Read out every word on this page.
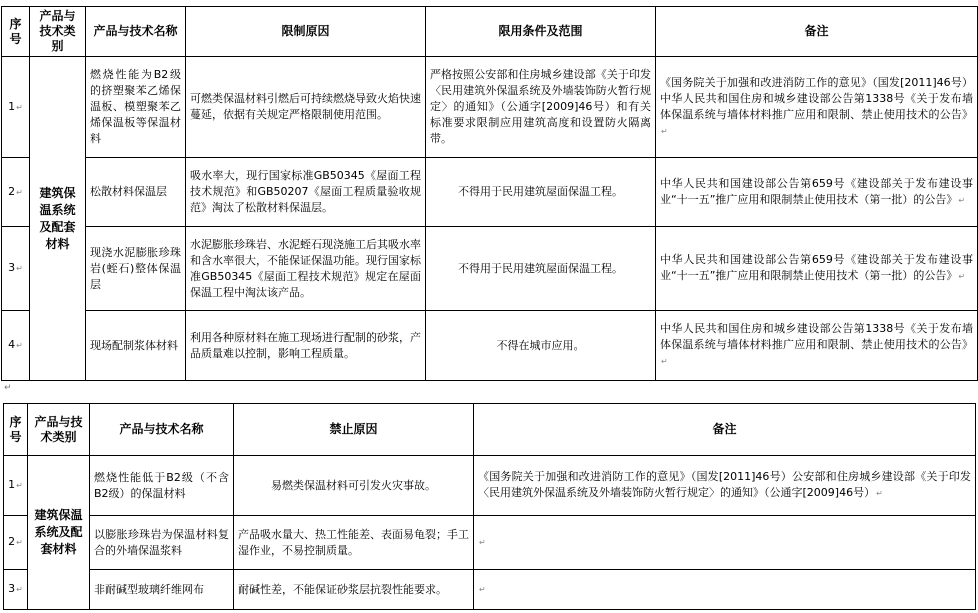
序号	产品与技术类别	产品与技术名称	限制原因	限用条件及范围	备注
1↵	建筑保温系统及配套材料	燃烧性能为B2级的挤塑聚苯乙烯保温板、模塑聚苯乙烯保温板等保温材料	可燃类保温材料引燃后可持续燃烧导致火焰快速蔓延，依据有关规定严格限制使用范围。	严格按照公安部和住房城乡建设部《关于印发〈民用建筑外保温系统及外墙装饰防火暂行规定〉的通知》（公通字[2009]46号）和有关标准要求限制应用建筑高度和设置防火隔离带。	《国务院关于加强和改进消防工作的意见》（国发[2011]46号）中华人民共和国住房和城乡建设部公告第1338号《关于发布墙体保温系统与墙体材料推广应用和限制、禁止使用技术的公告》↵
2↵		松散材料保温层	吸水率大，现行国家标准GB50345《屋面工程技术规范》和GB50207《屋面工程质量验收规范》淘汰了松散材料保温层。	不得用于民用建筑屋面保温工程。	中华人民共和国建设部公告第659号《建设部关于发布建设事业“十一五”推广应用和限制禁止使用技术（第一批）的公告》↵
3↵		现浇水泥膨胀珍珠岩(蛭石)整体保温层	水泥膨胀珍珠岩、水泥蛭石现浇施工后其吸水率和含水率很大，不能保证保温功能。现行国家标准GB50345《屋面工程技术规范》规定在屋面保温工程中淘汰该产品。	不得用于民用建筑屋面保温工程。	中华人民共和国建设部公告第659号《建设部关于发布建设事业“十一五”推广应用和限制禁止使用技术（第一批）的公告》↵
4↵		现场配制浆体材料	利用各种原材料在施工现场进行配制的砂浆，产品质量难以控制，影响工程质量。	不得在城市应用。	中华人民共和国住房和城乡建设部公告第1338号《关于发布墙体保温系统与墙体材料推广应用和限制、禁止使用技术的公告》↵
↵
序号	产品与技术类别	产品与技术名称	禁止原因	备注
1↵	建筑保温系统及配套材料	燃烧性能低于B2级（不含B2级）的保温材料	易燃类保温材料可引发火灾事故。	《国务院关于加强和改进消防工作的意见》（国发[2011]46号）公安部和住房城乡建设部《关于印发〈民用建筑外保温系统及外墙装饰防火暂行规定〉的通知》（公通字[2009]46号）↵
2↵		以膨胀珍珠岩为保温材料复合的外墙保温浆料	产品吸水量大、热工性能差、表面易龟裂；手工湿作业，不易控制质量。	↵
3↵		非耐碱型玻璃纤维网布	耐碱性差，不能保证砂浆层抗裂性能要求。	↵
